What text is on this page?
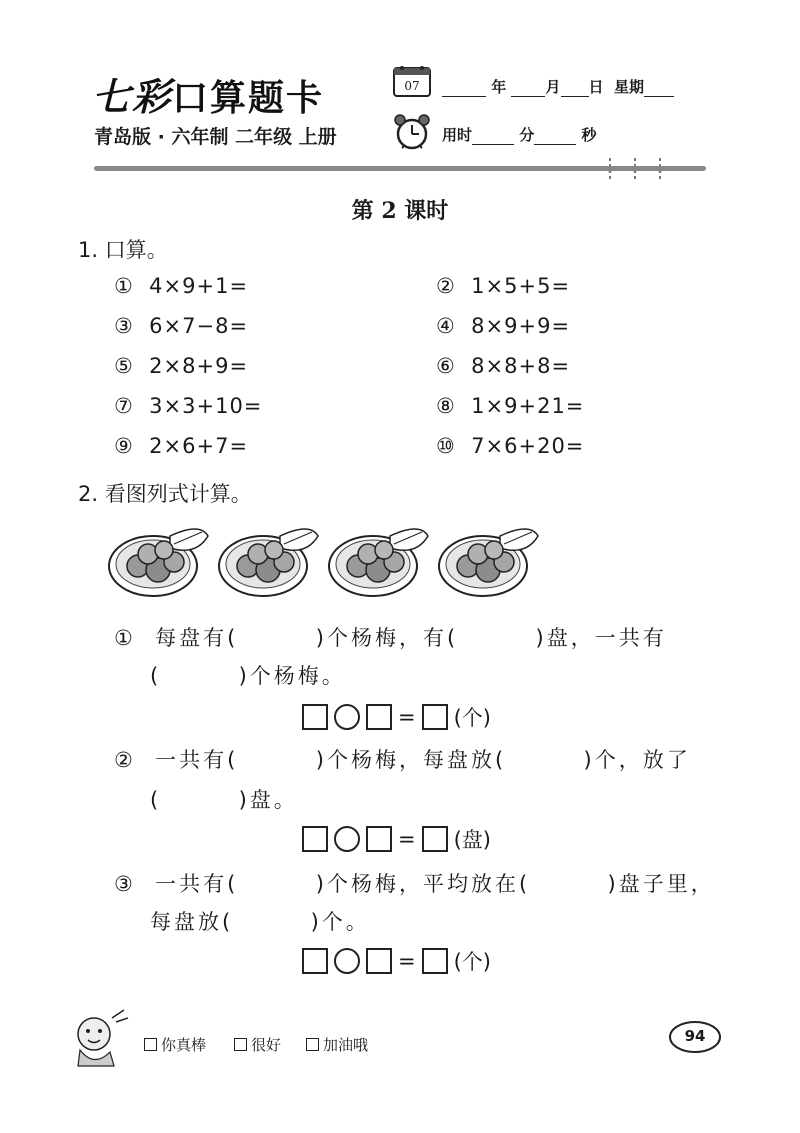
七彩口算题卡
青岛版 · 六年制 二年级 上册
07	年	月 日 星期
用时	分	秒
第 2 课时
1. 口算。
①  4×9+1=	②  1×5+5=
③  6×7−8=	④  8×9+9=
⑤  2×8+9=	⑥  8×8+8=
⑦  3×3+10=	⑧  1×9+21=
⑨  2×6+7=	⑩  7×6+20=
2. 看图列式计算。
①  每盘有(        )个杨梅，有(        )盘，一共有
(        )个杨梅。
= (个)
②  一共有(        )个杨梅，每盘放(        )个，放了
(        )盘。
= (盘)
③  一共有(        )个杨梅，平均放在(        )盘子里，
每盘放(        )个。
= (个)
你真棒	很好	加油哦	94
